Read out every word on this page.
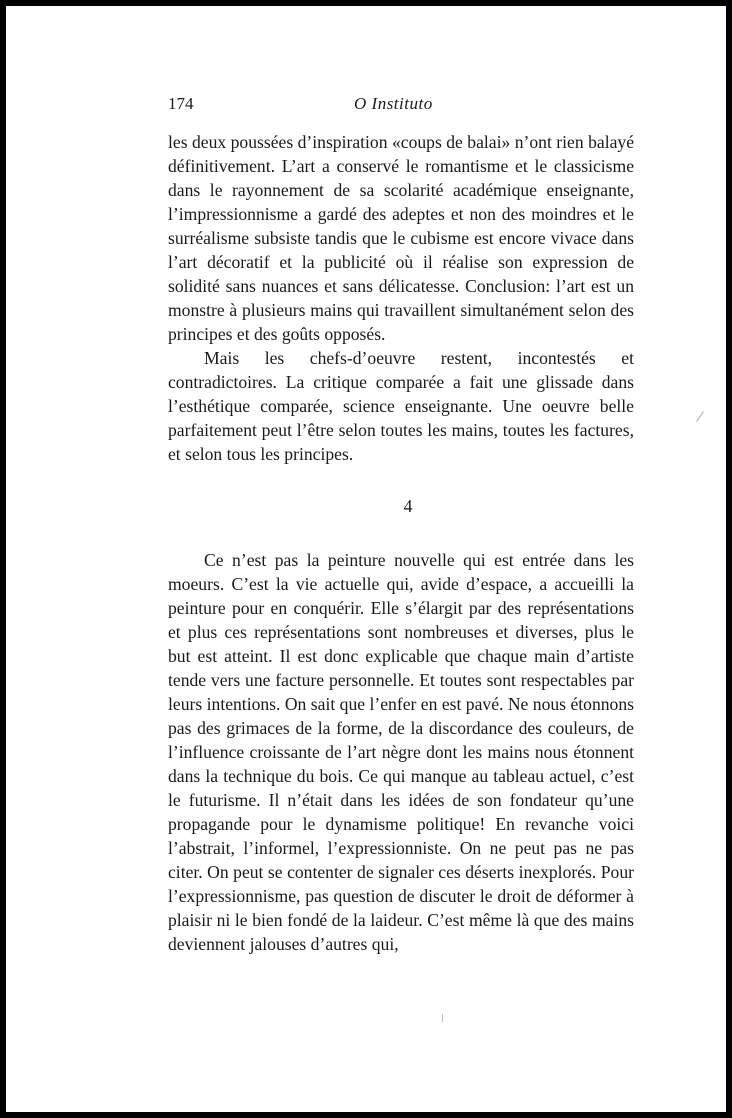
174	O Instituto

les deux poussées d’inspiration «coups de balai» n’ont rien balayé définitivement. L’art a conservé le romantisme et le classicisme dans le rayonnement de sa scolarité académique enseignante, l’impressionnisme a gardé des adeptes et non des moindres et le surréalisme subsiste tandis que le cubisme est encore vivace dans l’art décoratif et la publicité où il réalise son expression de solidité sans nuances et sans délicatesse. Conclusion: l’art est un monstre à plusieurs mains qui travaillent simultanément selon des principes et des goûts opposés.

Mais les chefs-d’oeuvre restent, incontestés et contradictoires. La critique comparée a fait une glissade dans l’esthétique comparée, science enseignante. Une oeuvre belle parfaitement peut l’être selon toutes les mains, toutes les factures, et selon tous les principes.

4

Ce n’est pas la peinture nouvelle qui est entrée dans les moeurs. C’est la vie actuelle qui, avide d’espace, a accueilli la peinture pour en conquérir. Elle s’élargit par des représentations et plus ces représentations sont nombreuses et diverses, plus le but est atteint. Il est donc explicable que chaque main d’artiste tende vers une facture personnelle. Et toutes sont respectables par leurs intentions. On sait que l’enfer en est pavé. Ne nous étonnons pas des grimaces de la forme, de la discordance des couleurs, de l’influence croissante de l’art nègre dont les mains nous étonnent dans la technique du bois. Ce qui manque au tableau actuel, c’est le futurisme. Il n’était dans les idées de son fondateur qu’une propagande pour le dynamisme politique! En revanche voici l’abstrait, l’informel, l’expressionniste. On ne peut pas ne pas citer. On peut se contenter de signaler ces déserts inexplorés. Pour l’expressionnisme, pas question de discuter le droit de déformer à plaisir ni le bien fondé de la laideur. C’est même là que des mains deviennent jalouses d’autres qui,
